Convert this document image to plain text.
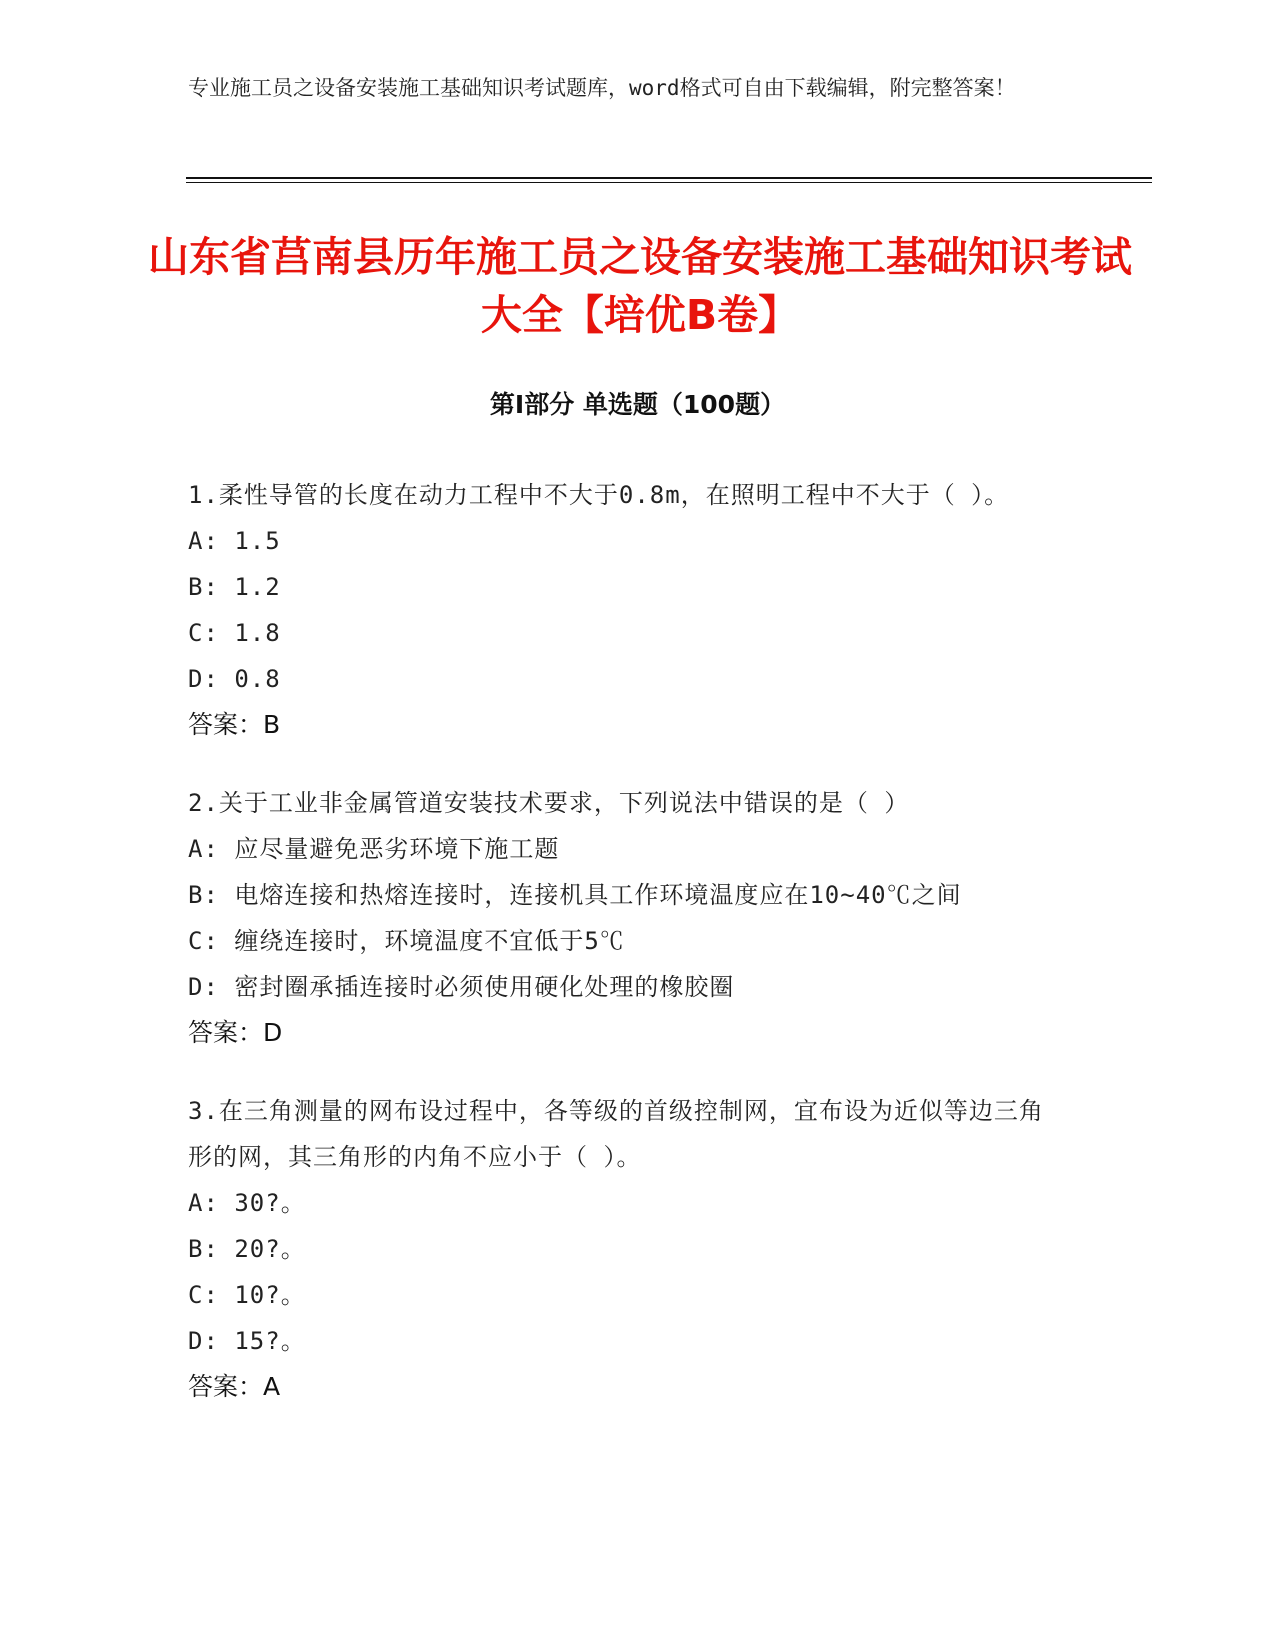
专业施工员之设备安装施工基础知识考试题库，word格式可自由下载编辑，附完整答案！
山东省莒南县历年施工员之设备安装施工基础知识考试大全【培优B卷】
第Ⅰ部分 单选题（100题）

1.柔性导管的长度在动力工程中不大于0.8m，在照明工程中不大于（ ）。

A: 1.5

B: 1.2

C: 1.8

D: 0.8

答案：B

2.关于工业非金属管道安装技术要求，下列说法中错误的是（ ）

A: 应尽量避免恶劣环境下施工题

B: 电熔连接和热熔连接时，连接机具工作环境温度应在10~40℃之间

C: 缠绕连接时，环境温度不宜低于5℃

D: 密封圈承插连接时必须使用硬化处理的橡胶圈

答案：D

3.在三角测量的网布设过程中，各等级的首级控制网，宜布设为近似等边三角形的网，其三角形的内角不应小于（ ）。

A: 30?。

B: 20?。

C: 10?。

D: 15?。

答案：A
